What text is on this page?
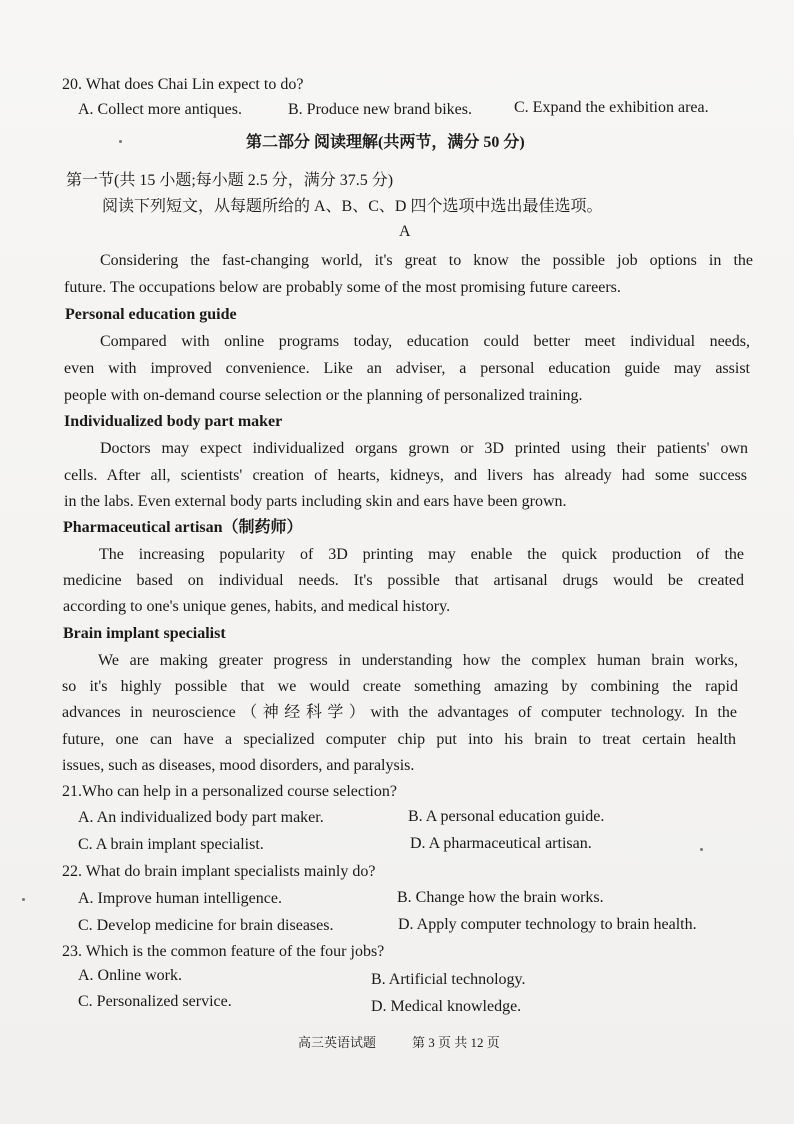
20. What does Chai Lin expect to do?
A. Collect more antiques.	B. Produce new brand bikes.	C. Expand the exhibition area.
第二部分 阅读理解(共两节，满分 50 分)
第一节(共 15 小题;每小题 2.5 分，满分 37.5 分)
阅读下列短文，从每题所给的 A、B、C、D 四个选项中选出最佳选项。
A
Considering the fast-changing world, it's great to know the possible job options in the
future. The occupations below are probably some of the most promising future careers.
Personal education guide
Compared with online programs today, education could better meet individual needs,
even with improved convenience. Like an adviser, a personal education guide may assist
people with on-demand course selection or the planning of personalized training.
Individualized body part maker
Doctors may expect individualized organs grown or 3D printed using their patients' own
cells. After all, scientists' creation of hearts, kidneys, and livers has already had some success
in the labs. Even external body parts including skin and ears have been grown.
Pharmaceutical artisan（制药师）
The increasing popularity of 3D printing may enable the quick production of the
medicine based on individual needs. It's possible that artisanal drugs would be created
according to one's unique genes, habits, and medical history.
Brain implant specialist
We are making greater progress in understanding how the complex human brain works,
so it's highly possible that we would create something amazing by combining the rapid
advances in neuroscience（神经科学）with the advantages of computer technology. In the
future, one can have a specialized computer chip put into his brain to treat certain health
issues, such as diseases, mood disorders, and paralysis.
21.Who can help in a personalized course selection?
A. An individualized body part maker.	B. A personal education guide.
C. A brain implant specialist.	D. A pharmaceutical artisan.
22. What do brain implant specialists mainly do?
A. Improve human intelligence.	B. Change how the brain works.
C. Develop medicine for brain diseases.	D. Apply computer technology to brain health.
23. Which is the common feature of the four jobs?
A. Online work.	B. Artificial technology.
C. Personalized service.	D. Medical knowledge.
高三英语试题	第 3 页 共 12 页
